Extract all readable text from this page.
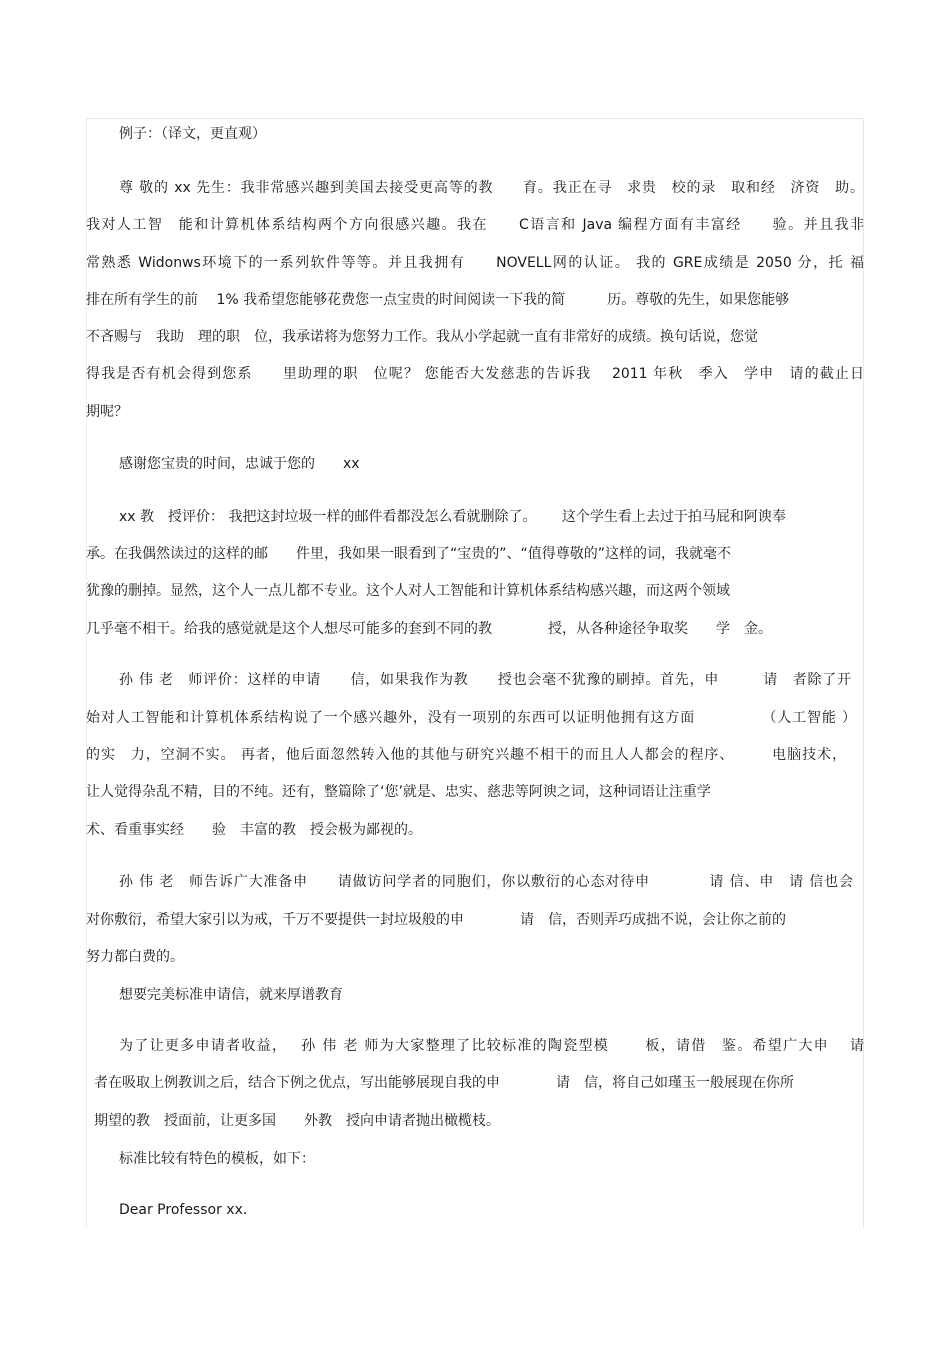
例子：（译文，更直观）
尊 敬的 xx 先生：我非常感兴趣到美国去接受更高等的教　　育。我正在寻　求贵　校的录　取和经　济资　助。
我对人工智　能和计算机体系结构两个方向很感兴趣。我在　　C语言和 Java 编程方面有丰富经　　验。并且我非
常熟悉 Widonws环境下的一系列软件等等。并且我拥有　　NOVELL网的认证。 我的 GRE成绩是 2050 分，托 福
排在所有学生的前　 1% 我希望您能够花费您一点宝贵的时间阅读一下我的简　　　历。尊敬的先生，如果您能够
不吝赐与　我助　理的职　位，我承诺将为您努力工作。我从小学起就一直有非常好的成绩。换句话说，您觉
得我是否有机会得到您系　　里助理的职　位呢？ 您能否大发慈悲的告诉我　 2011 年秋　季入　学申　请的截止日
期呢？
感谢您宝贵的时间，忠诚于您的　　xx
xx 教　授评价： 我把这封垃圾一样的邮件看都没怎么看就删除了。　　 这个学生看上去过于拍马屁和阿谀奉
承。在我偶然读过的这样的邮　　件里，我如果一眼看到了“宝贵的”、“值得尊敬的”这样的词，我就毫不
犹豫的删掉。显然，这个人一点儿都不专业。这个人对人工智能和计算机体系结构感兴趣，而这两个领域
几乎毫不相干。给我的感觉就是这个人想尽可能多的套到不同的教　　　　授，从各种途径争取奖　　学　金。
孙 伟 老　师评价：这样的申请　　信，如果我作为教　　授也会毫不犹豫的刷掉。首先，申　　　请　者除了开
始对人工智能和计算机体系结构说了一个感兴趣外，没有一项别的东西可以证明他拥有这方面　　　　　（人工智能 ）
的实　力，空洞不实。 再者，他后面忽然转入他的其他与研究兴趣不相干的而且人人都会的程序、　　　电脑技术，
让人觉得杂乱不精，目的不纯。还有，整篇除了‘您’就是、忠实、慈悲等阿谀之词，这种词语让注重学
术、看重事实经　　验　丰富的教　授会极为鄙视的。
孙 伟 老　师告诉广大准备申　　请做访问学者的同胞们，你以敷衍的心态对待申　　　　请 信、申　请 信也会
对你敷衍，希望大家引以为戒，千万不要提供一封垃圾般的申　　　　请　信，否则弄巧成拙不说，会让你之前的
努力都白费的。
想要完美标准申请信，就来厚谱教育
为了让更多申请者收益，　 孙 伟 老 师为大家整理了比较标准的陶瓷型模　　 板，请借　鉴。希望广大申　 请
者在吸取上例教训之后，结合下例之优点，写出能够展现自我的申　　　　请　信，将自己如瑾玉一般展现在你所
期望的教　授面前，让更多国　　外教　授向申请者抛出橄榄枝。
标准比较有特色的模板，如下：
Dear Professor xx.
